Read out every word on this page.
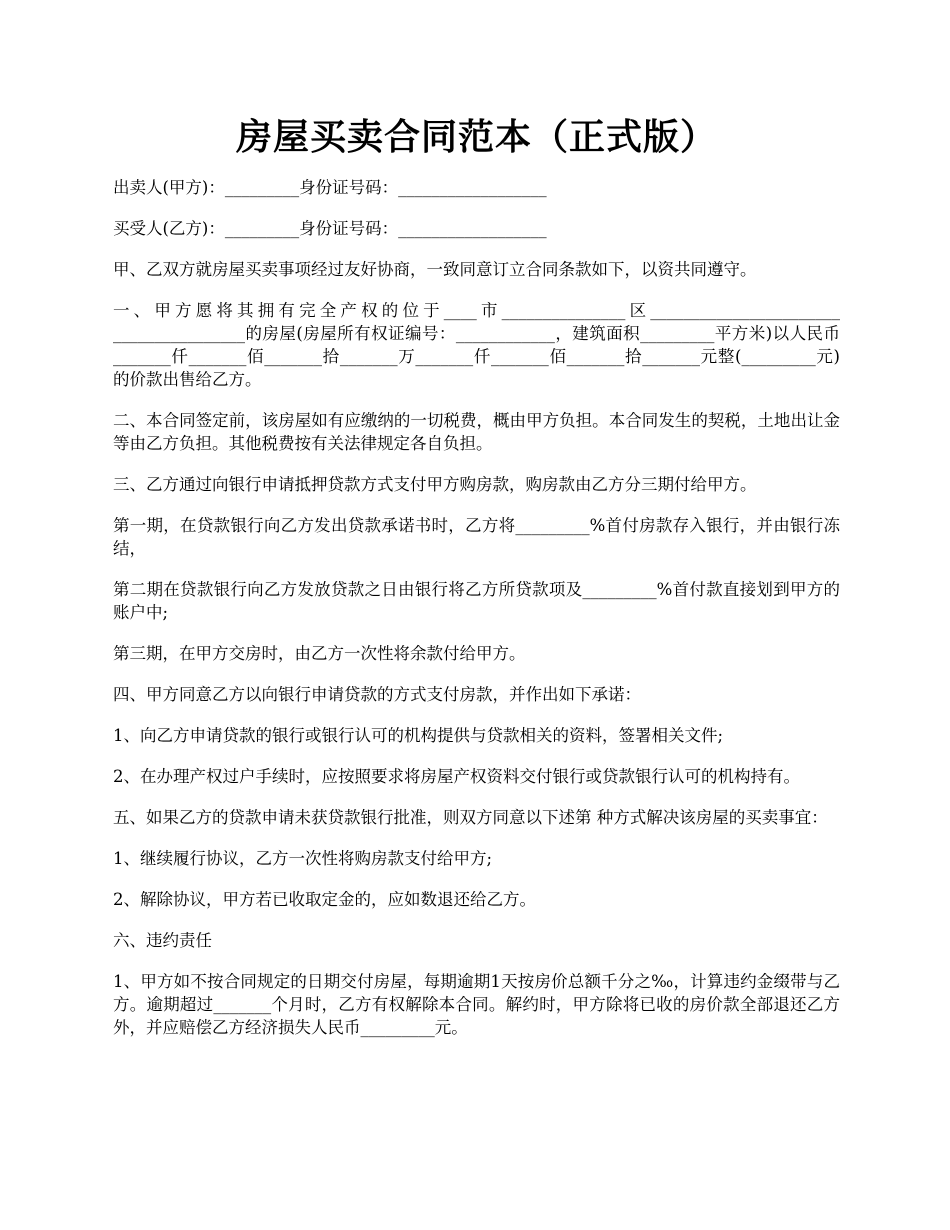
房屋买卖合同范本（正式版）

出卖人(甲方)：_________身份证号码：__________________

买受人(乙方)：_________身份证号码：__________________

甲、乙双方就房屋买卖事项经过友好协商，一致同意订立合同条款如下，以资共同遵守。

一、甲方愿将其拥有完全产权的位于____市_______________区_______________________ ________________的房屋(房屋所有权证编号：____________，建筑面积_________平方米)以人民币_______仟_______佰_______拾_______万_______仟_______佰_______拾_______元整(_________元)的价款出售给乙方。

二、本合同签定前，该房屋如有应缴纳的一切税费，概由甲方负担。本合同发生的契税，土地出让金等由乙方负担。其他税费按有关法律规定各自负担。

三、乙方通过向银行申请抵押贷款方式支付甲方购房款，购房款由乙方分三期付给甲方。

第一期，在贷款银行向乙方发出贷款承诺书时，乙方将_________%首付房款存入银行，并由银行冻结，

第二期在贷款银行向乙方发放贷款之日由银行将乙方所贷款项及_________%首付款直接划到甲方的账户中;

第三期，在甲方交房时，由乙方一次性将余款付给甲方。

四、甲方同意乙方以向银行申请贷款的方式支付房款，并作出如下承诺：

1、向乙方申请贷款的银行或银行认可的机构提供与贷款相关的资料，签署相关文件;

2、在办理产权过户手续时，应按照要求将房屋产权资料交付银行或贷款银行认可的机构持有。

五、如果乙方的贷款申请未获贷款银行批准，则双方同意以下述第 种方式解决该房屋的买卖事宜：

1、继续履行协议，乙方一次性将购房款支付给甲方;

2、解除协议，甲方若已收取定金的，应如数退还给乙方。

六、违约责任

1、甲方如不按合同规定的日期交付房屋，每期逾期1天按房价总额千分之‰，计算违约金缀带与乙方。逾期超过_______个月时，乙方有权解除本合同。解约时，甲方除将已收的房价款全部退还乙方外，并应赔偿乙方经济损失人民币_________元。
